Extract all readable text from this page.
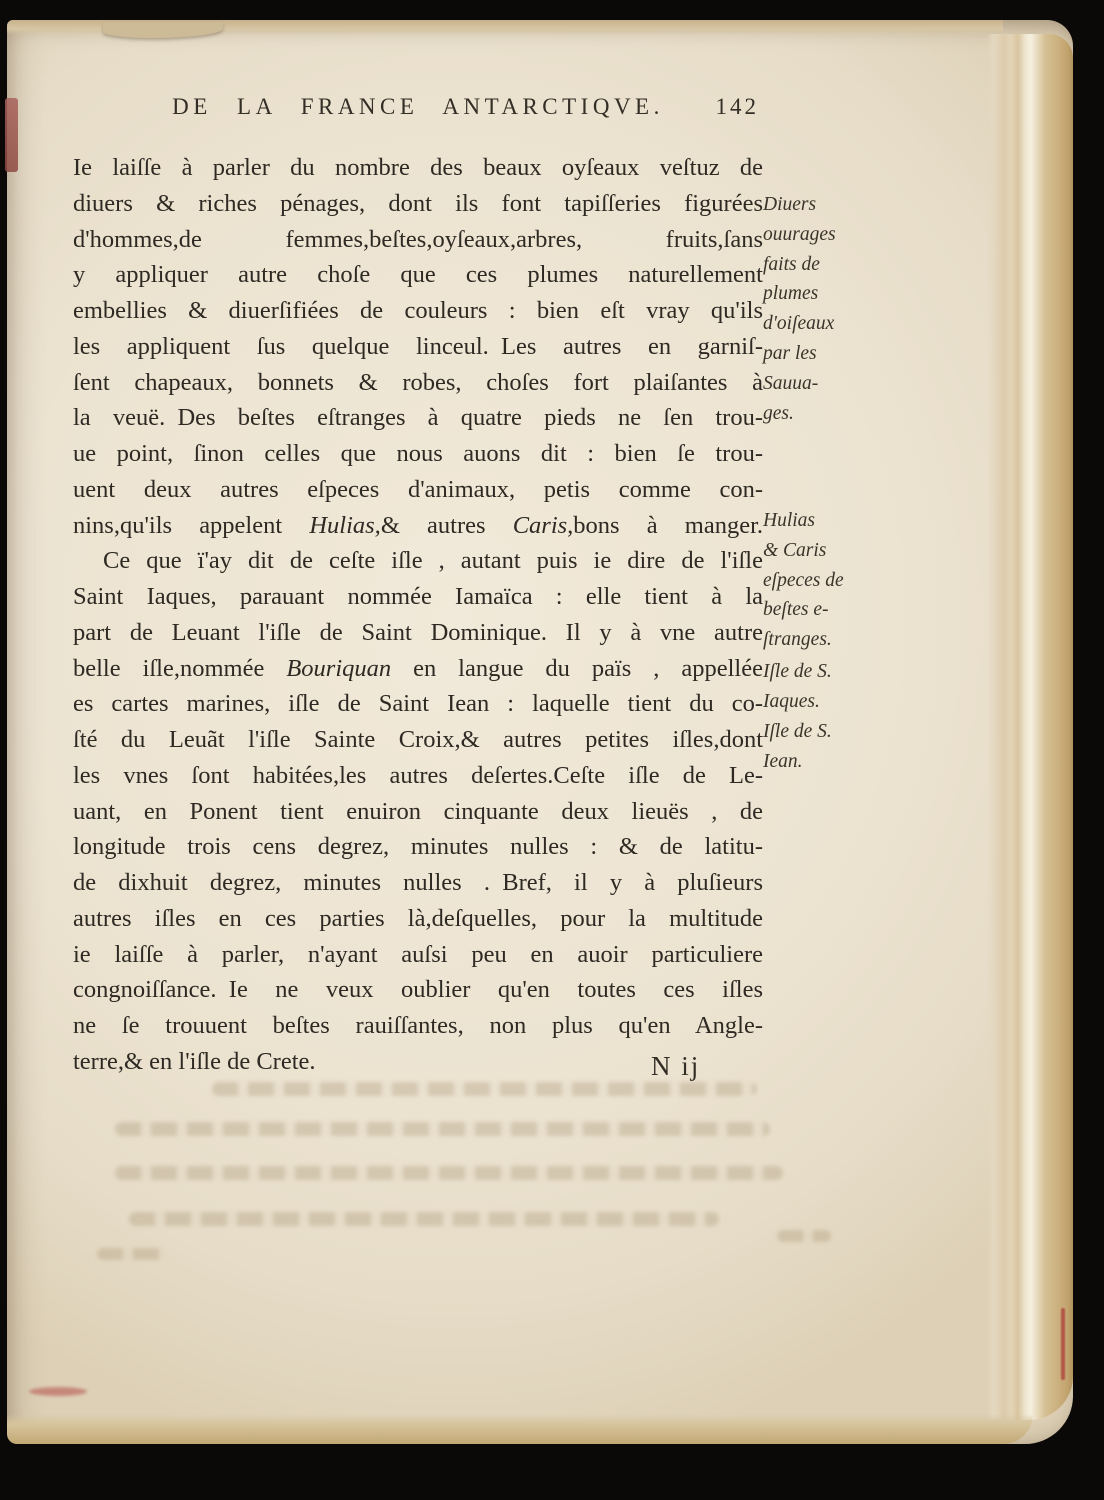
DE LA FRANCE ANTARCTIQVE.	142
Ie laiſſe à parler du nombre des beaux oyſeaux veſtuz de
diuers & riches pénages, dont ils font tapiſſeries figurées
d'hommes,de femmes,beſtes,oyſeaux,arbres, fruits,ſans
y appliquer autre choſe que ces plumes naturellement
embellies & diuerſifiées de couleurs : bien eſt vray qu'ils
les appliquent ſus quelque linceul. Les autres en garniſ-
ſent chapeaux, bonnets & robes, choſes fort plaiſantes à
la veuë. Des beſtes eſtranges à quatre pieds ne ſen trou-
ue point, ſinon celles que nous auons dit : bien ſe trou-
uent deux autres eſpeces d'animaux, petis comme con-
nins,qu'ils appelent Hulias,& autres Caris,bons à manger.
Ce que ï'ay dit de ceſte iſle , autant puis ie dire de l'iſle
Saint Iaques, parauant nommée Iamaïca : elle tient à la
part de Leuant l'iſle de Saint Dominique. Il y à vne autre
belle iſle,nommée Bouriquan en langue du païs , appellée
es cartes marines, iſle de Saint Iean : laquelle tient du co-
ſté du Leuãt l'iſle Sainte Croix,& autres petites iſles,dont
les vnes ſont habitées,les autres deſertes.Ceſte iſle de Le-
uant, en Ponent tient enuiron cinquante deux lieuës , de
longitude trois cens degrez, minutes nulles : & de latitu-
de dixhuit degrez, minutes nulles . Bref, il y à pluſieurs
autres iſles en ces parties là,deſquelles, pour la multitude
ie laiſſe à parler, n'ayant auſsi peu en auoir particuliere
congnoiſſance. Ie ne veux oublier qu'en toutes ces iſles
ne ſe trouuent beſtes rauiſſantes, non plus qu'en Angle-
terre,& en l'iſle de Crete.
Diuers
ouurages
faits de
plumes
d'oiſeaux
par les
Sauua-
ges.
Hulias
& Caris
eſpeces de
beſtes e-
ſtranges.
Iſle de S.
Iaques.
Iſle de S.
Iean.
N ij
